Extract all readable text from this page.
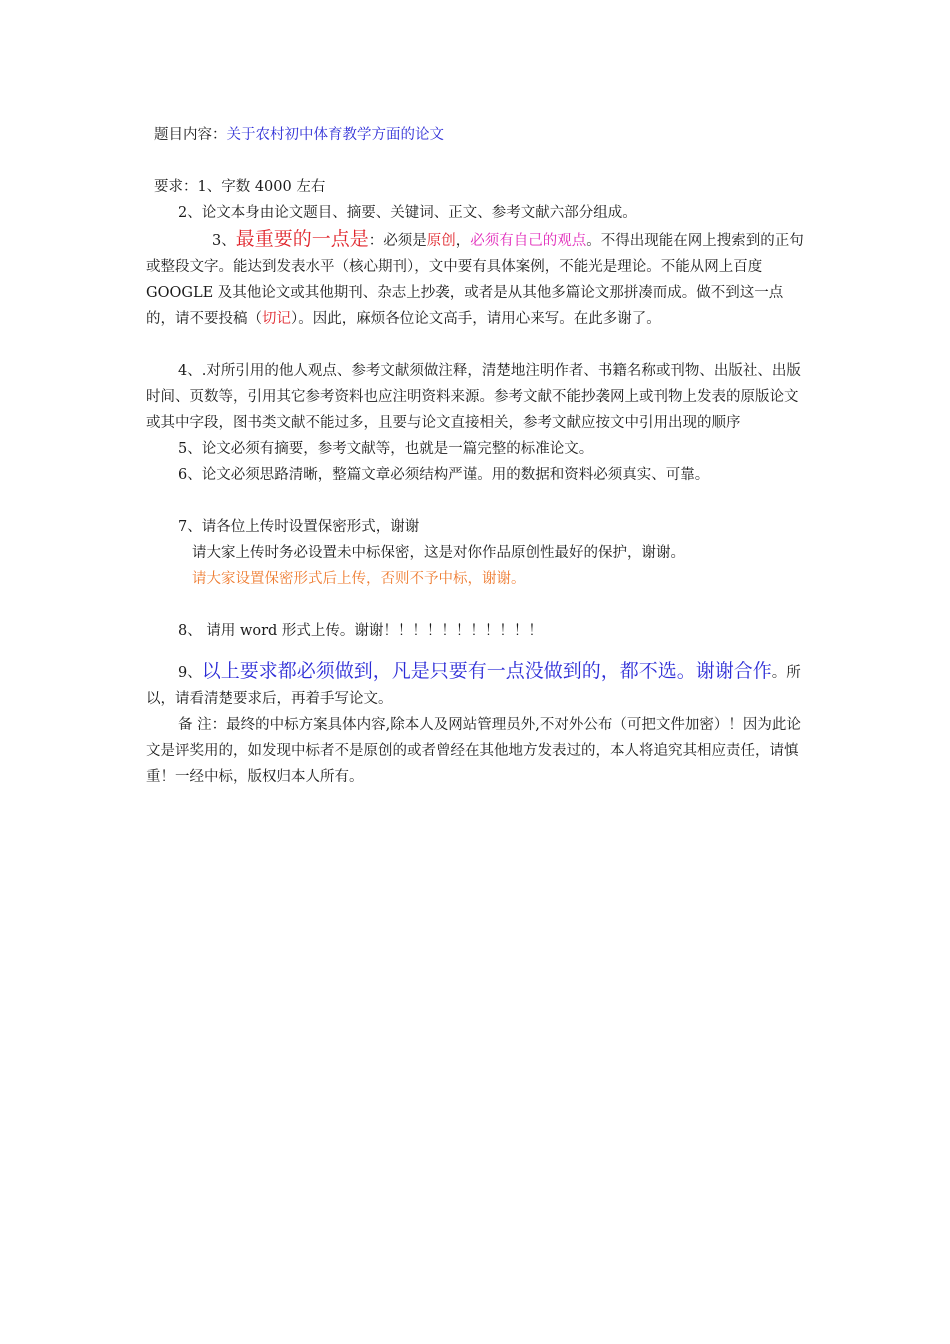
题目内容：关于农村初中体育教学方面的论文

要求：1、字数 4000 左右

2、论文本身由论文题目、摘要、关键词、正文、参考文献六部分组成。

3、最重要的一点是：必须是原创，必须有自己的观点。不得出现能在网上搜索到的正句或整段文字。能达到发表水平（核心期刊），文中要有具体案例，不能光是理论。不能从网上百度 GOOGLE 及其他论文或其他期刊、杂志上抄袭，或者是从其他多篇论文那拼凑而成。做不到这一点的，请不要投稿（切记）。因此，麻烦各位论文高手，请用心来写。在此多谢了。

4、.对所引用的他人观点、参考文献须做注释，清楚地注明作者、书籍名称或刊物、出版社、出版时间、页数等，引用其它参考资料也应注明资料来源。参考文献不能抄袭网上或刊物上发表的原版论文或其中字段，图书类文献不能过多，且要与论文直接相关，参考文献应按文中引用出现的顺序

5、论文必须有摘要，参考文献等，也就是一篇完整的标准论文。

6、论文必须思路清晰，整篇文章必须结构严谨。用的数据和资料必须真实、可靠。

7、请各位上传时设置保密形式，谢谢

请大家上传时务必设置未中标保密，这是对你作品原创性最好的保护，谢谢。

请大家设置保密形式后上传，否则不予中标，谢谢。

8、 请用 word 形式上传。谢谢！！！！！！！！！！！

9、以上要求都必须做到，凡是只要有一点没做到的，都不选。谢谢合作。所以，请看清楚要求后，再着手写论文。

备 注：最终的中标方案具体内容,除本人及网站管理员外,不对外公布（可把文件加密）！因为此论文是评奖用的，如发现中标者不是原创的或者曾经在其他地方发表过的，本人将追究其相应责任，请慎重！一经中标，版权归本人所有。
